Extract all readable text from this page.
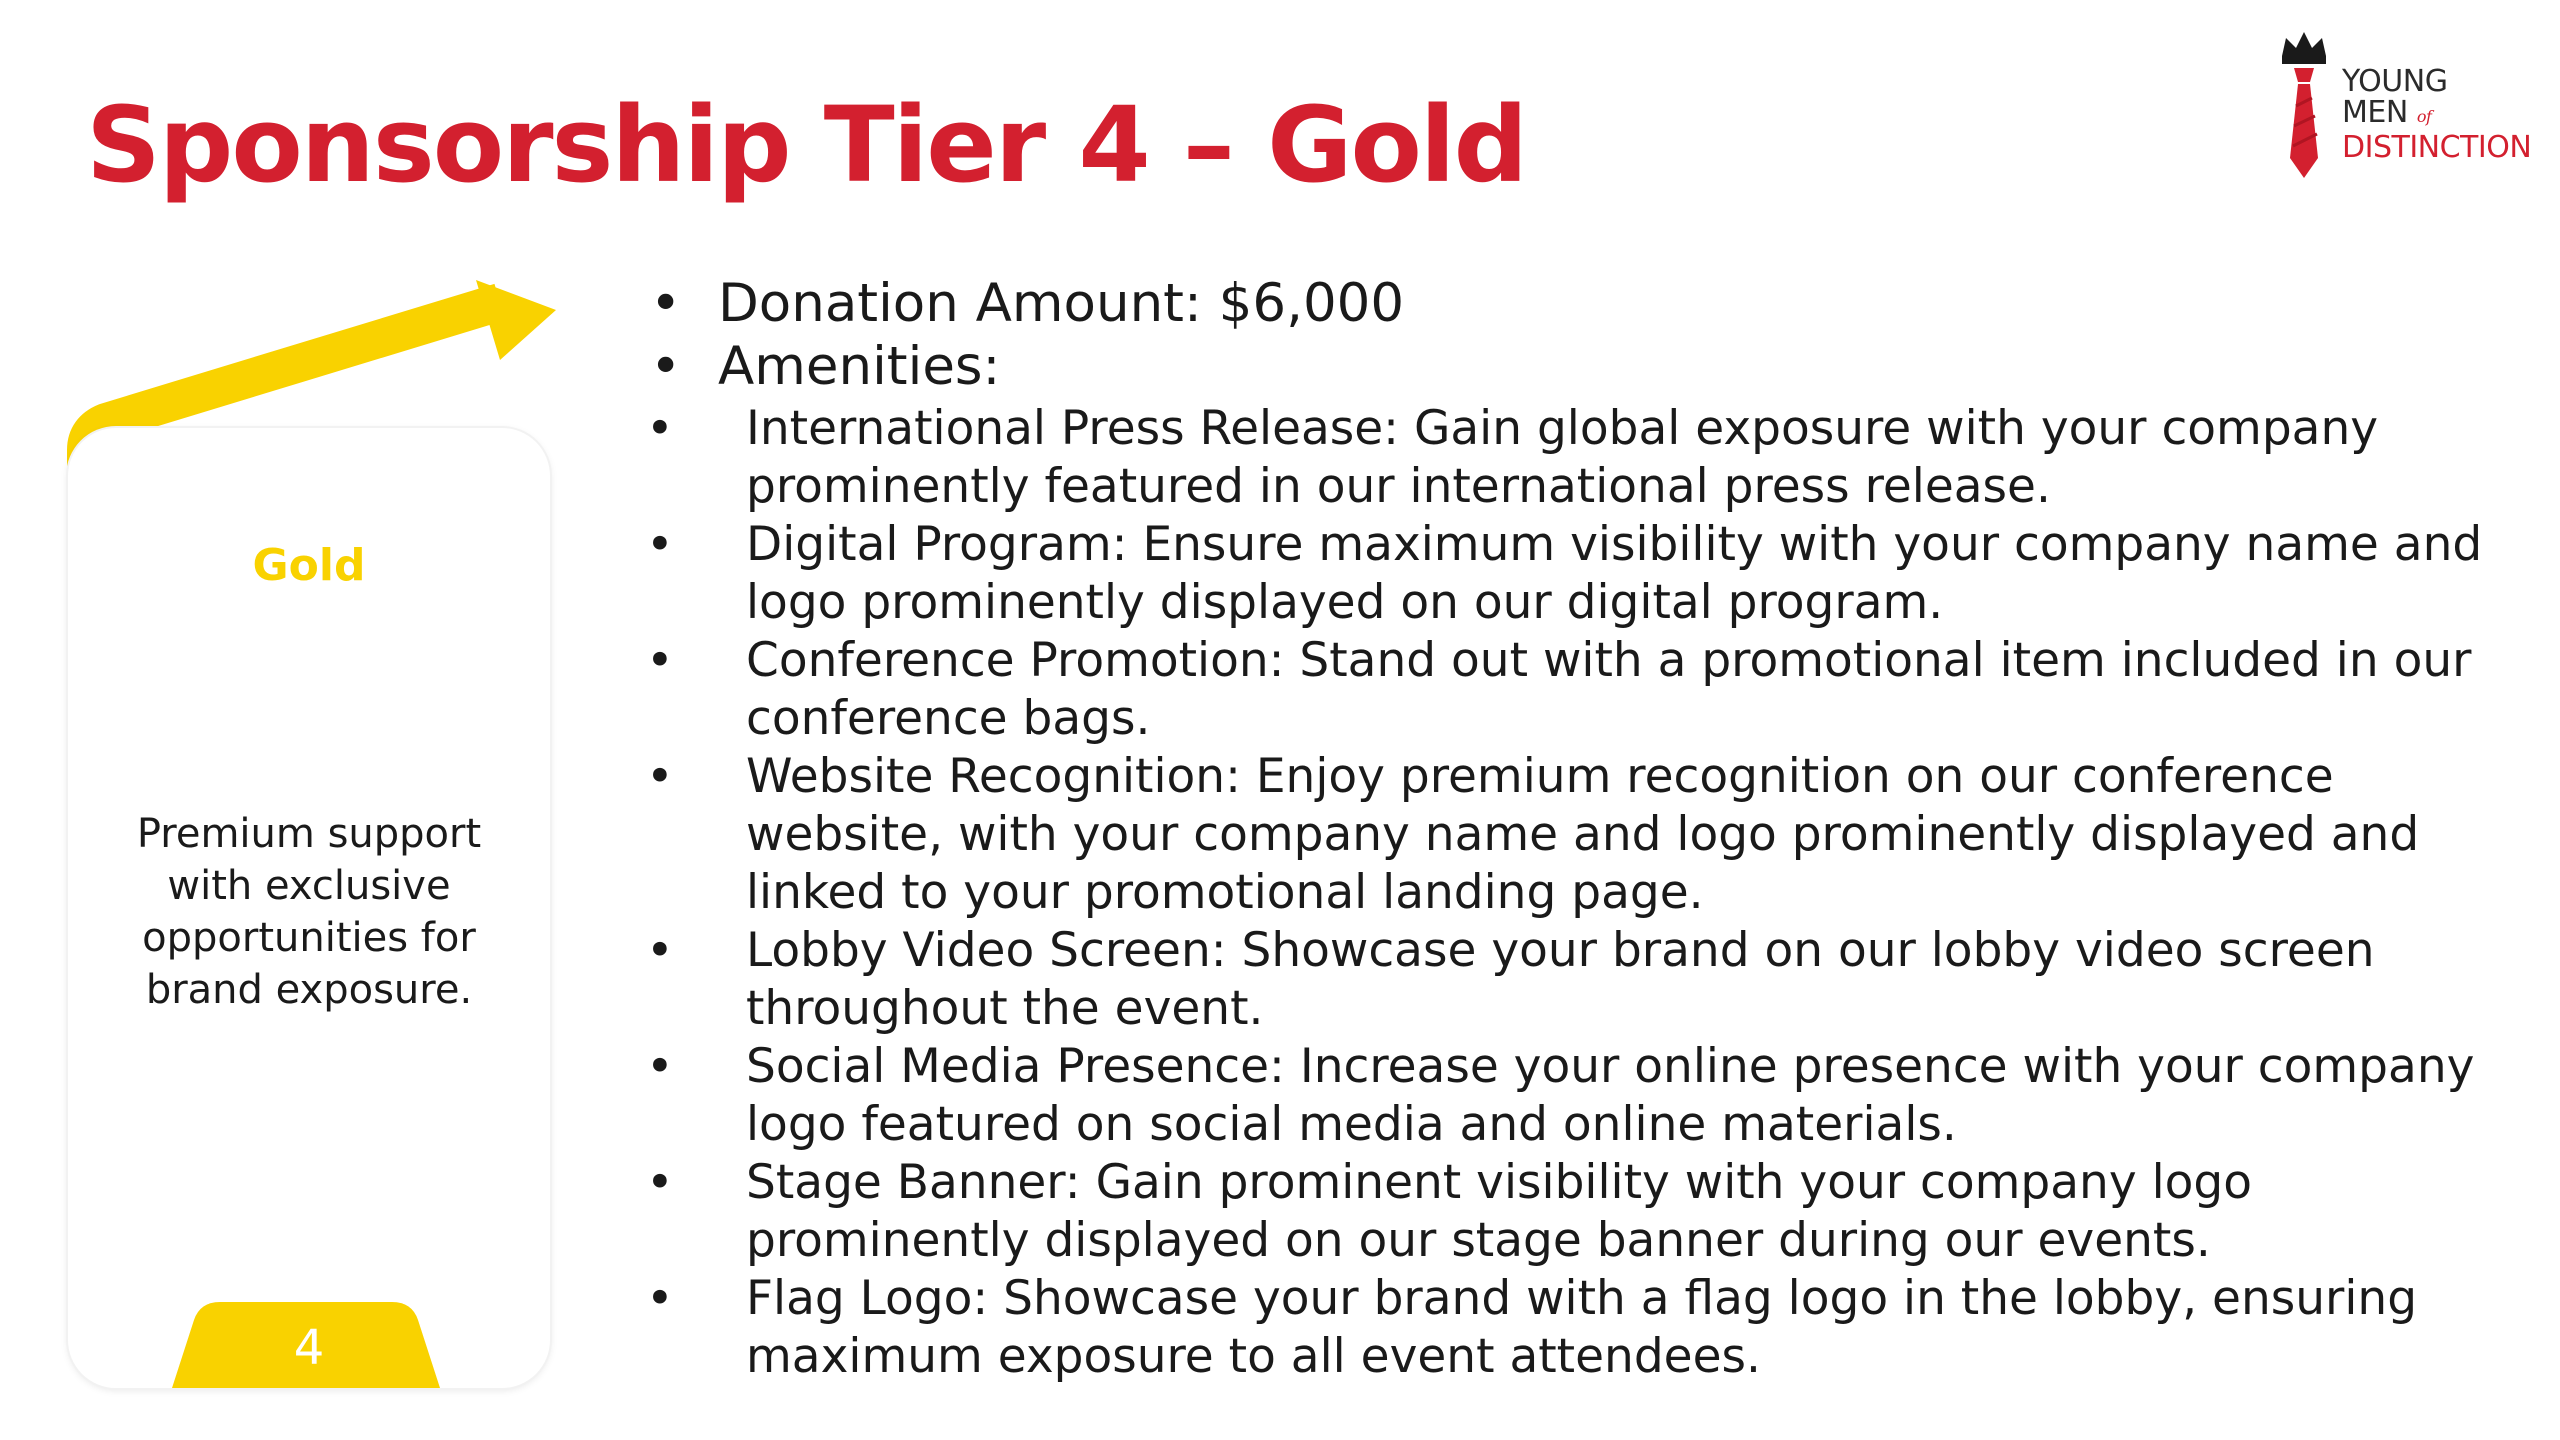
Sponsorship Tier 4 – Gold
YOUNG
MEN of
DISTINCTION
Gold
Premium support with exclusive opportunities for brand exposure.
4
• Donation Amount: $6,000
• Amenities:
• International Press Release: Gain global exposure with your company prominently featured in our international press release.
• Digital Program: Ensure maximum visibility with your company name and logo prominently displayed on our digital program.
• Conference Promotion: Stand out with a promotional item included in our conference bags.
• Website Recognition: Enjoy premium recognition on our conference website, with your company name and logo prominently displayed and linked to your promotional landing page.
• Lobby Video Screen: Showcase your brand on our lobby video screen throughout the event.
• Social Media Presence: Increase your online presence with your company logo featured on social media and online materials.
• Stage Banner: Gain prominent visibility with your company logo prominently displayed on our stage banner during our events.
• Flag Logo: Showcase your brand with a flag logo in the lobby, ensuring maximum exposure to all event attendees.
